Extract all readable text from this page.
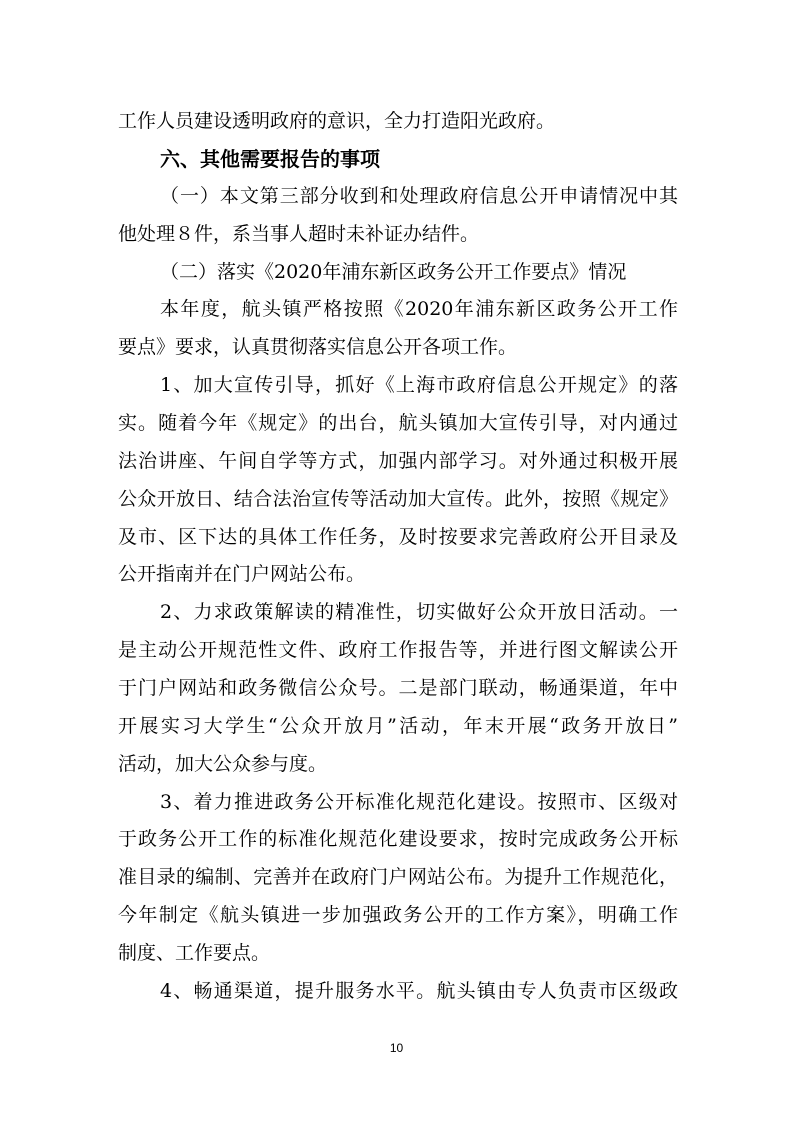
工作人员建设透明政府的意识，全力打造阳光政府。
六、其他需要报告的事项
（一）本文第三部分收到和处理政府信息公开申请情况中其
他处理８件，系当事人超时未补证办结件。
（二）落实《2020年浦东新区政务公开工作要点》情况
本年度，航头镇严格按照《2020年浦东新区政务公开工作
要点》要求，认真贯彻落实信息公开各项工作。
1、加大宣传引导，抓好《上海市政府信息公开规定》的落
实。随着今年《规定》的出台，航头镇加大宣传引导，对内通过
法治讲座、午间自学等方式，加强内部学习。对外通过积极开展
公众开放日、结合法治宣传等活动加大宣传。此外，按照《规定》
及市、区下达的具体工作任务，及时按要求完善政府公开目录及
公开指南并在门户网站公布。
2、力求政策解读的精准性，切实做好公众开放日活动。一
是主动公开规范性文件、政府工作报告等，并进行图文解读公开
于门户网站和政务微信公众号。二是部门联动，畅通渠道，年中
开展实习大学生“公众开放月”活动，年末开展“政务开放日”
活动，加大公众参与度。
3、着力推进政务公开标准化规范化建设。按照市、区级对
于政务公开工作的标准化规范化建设要求，按时完成政务公开标
准目录的编制、完善并在政府门户网站公布。为提升工作规范化，
今年制定《航头镇进一步加强政务公开的工作方案》，明确工作
制度、工作要点。
4、畅通渠道，提升服务水平。航头镇由专人负责市区级政
10
